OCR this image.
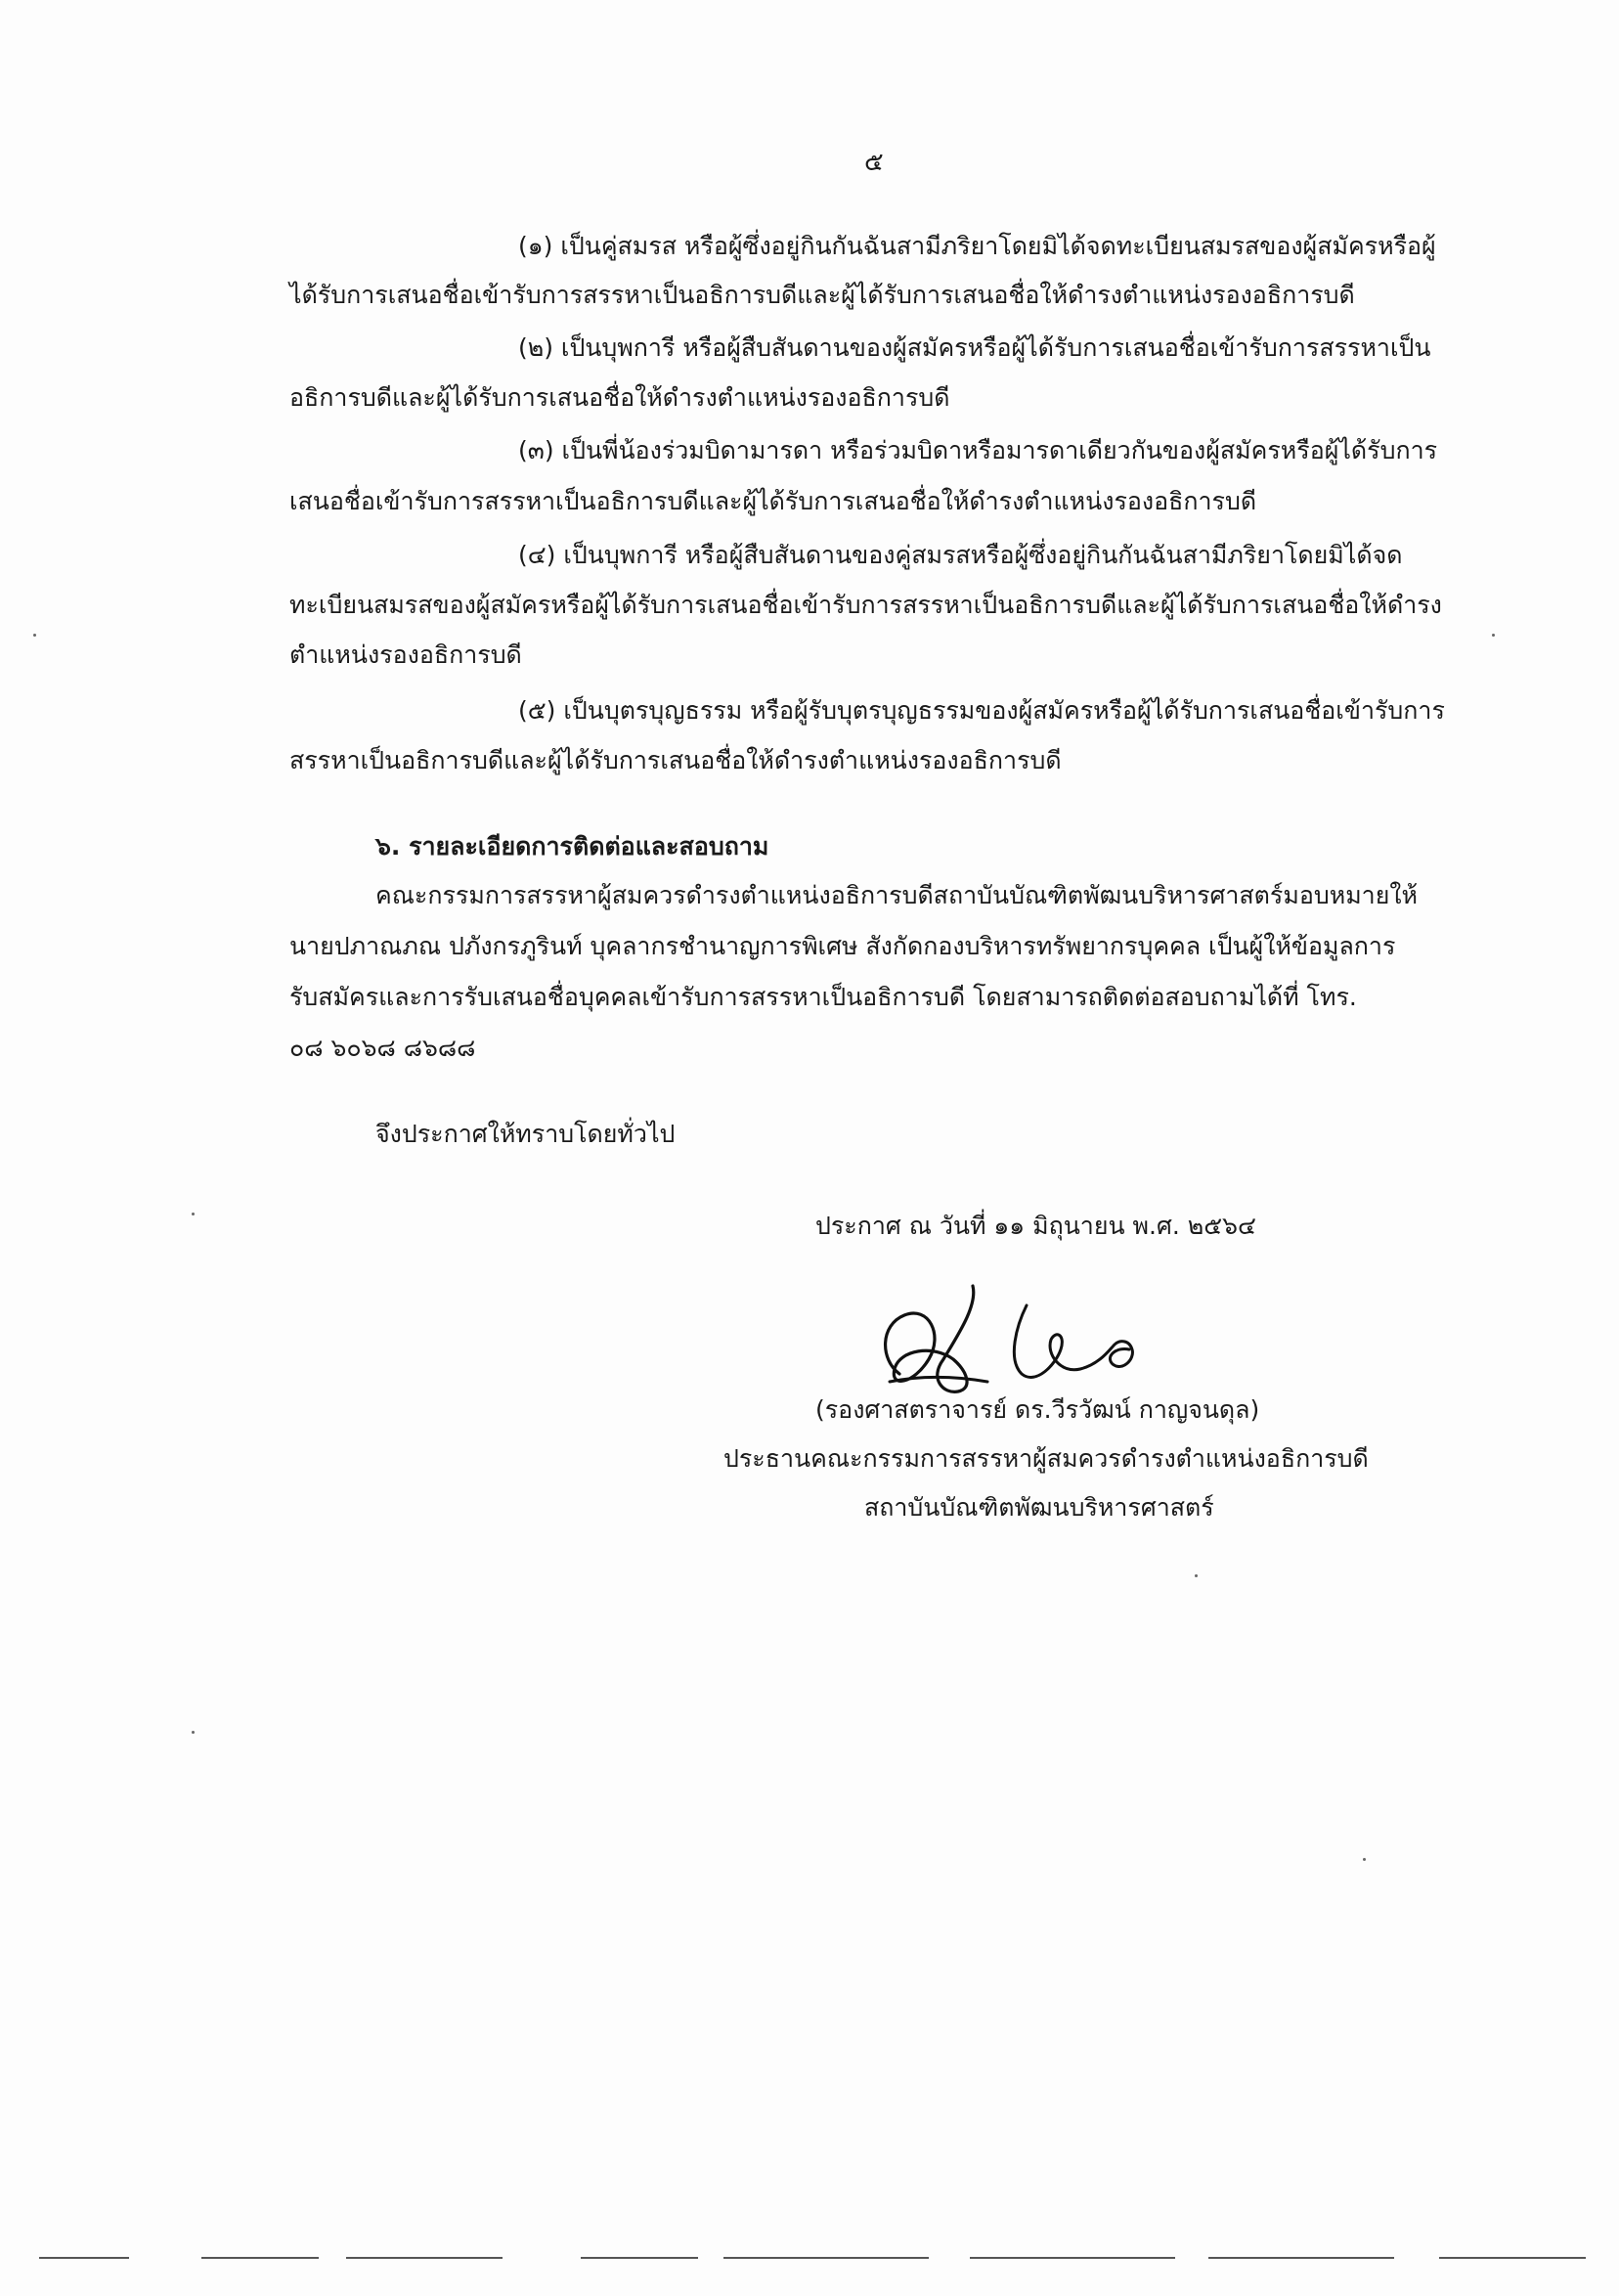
๕
(๑) เป็นคู่สมรส หรือผู้ซึ่งอยู่กินกันฉันสามีภริยาโดยมิได้จดทะเบียนสมรสของผู้สมัครหรือผู้
ได้รับการเสนอชื่อเข้ารับการสรรหาเป็นอธิการบดีและผู้ได้รับการเสนอชื่อให้ดำรงตำแหน่งรองอธิการบดี
(๒) เป็นบุพการี หรือผู้สืบสันดานของผู้สมัครหรือผู้ได้รับการเสนอชื่อเข้ารับการสรรหาเป็น
อธิการบดีและผู้ได้รับการเสนอชื่อให้ดำรงตำแหน่งรองอธิการบดี
(๓) เป็นพี่น้องร่วมบิดามารดา หรือร่วมบิดาหรือมารดาเดียวกันของผู้สมัครหรือผู้ได้รับการ
เสนอชื่อเข้ารับการสรรหาเป็นอธิการบดีและผู้ได้รับการเสนอชื่อให้ดำรงตำแหน่งรองอธิการบดี
(๔) เป็นบุพการี หรือผู้สืบสันดานของคู่สมรสหรือผู้ซึ่งอยู่กินกันฉันสามีภริยาโดยมิได้จด
ทะเบียนสมรสของผู้สมัครหรือผู้ได้รับการเสนอชื่อเข้ารับการสรรหาเป็นอธิการบดีและผู้ได้รับการเสนอชื่อให้ดำรง
ตำแหน่งรองอธิการบดี
(๕) เป็นบุตรบุญธรรม หรือผู้รับบุตรบุญธรรมของผู้สมัครหรือผู้ได้รับการเสนอชื่อเข้ารับการ
สรรหาเป็นอธิการบดีและผู้ได้รับการเสนอชื่อให้ดำรงตำแหน่งรองอธิการบดี
๖. รายละเอียดการติดต่อและสอบถาม
คณะกรรมการสรรหาผู้สมควรดำรงตำแหน่งอธิการบดีสถาบันบัณฑิตพัฒนบริหารศาสตร์มอบหมายให้
นายปภาณภณ ปภังกรภูรินท์ บุคลากรชำนาญการพิเศษ สังกัดกองบริหารทรัพยากรบุคคล เป็นผู้ให้ข้อมูลการ
รับสมัครและการรับเสนอชื่อบุคคลเข้ารับการสรรหาเป็นอธิการบดี โดยสามารถติดต่อสอบถามได้ที่ โทร.
๐๘ ๖๐๖๘ ๘๖๘๘
จึงประกาศให้ทราบโดยทั่วไป
ประกาศ ณ วันที่ ๑๑ มิถุนายน พ.ศ. ๒๕๖๔
(รองศาสตราจารย์ ดร.วีรวัฒน์ กาญจนดุล)
ประธานคณะกรรมการสรรหาผู้สมควรดำรงตำแหน่งอธิการบดี
สถาบันบัณฑิตพัฒนบริหารศาสตร์
